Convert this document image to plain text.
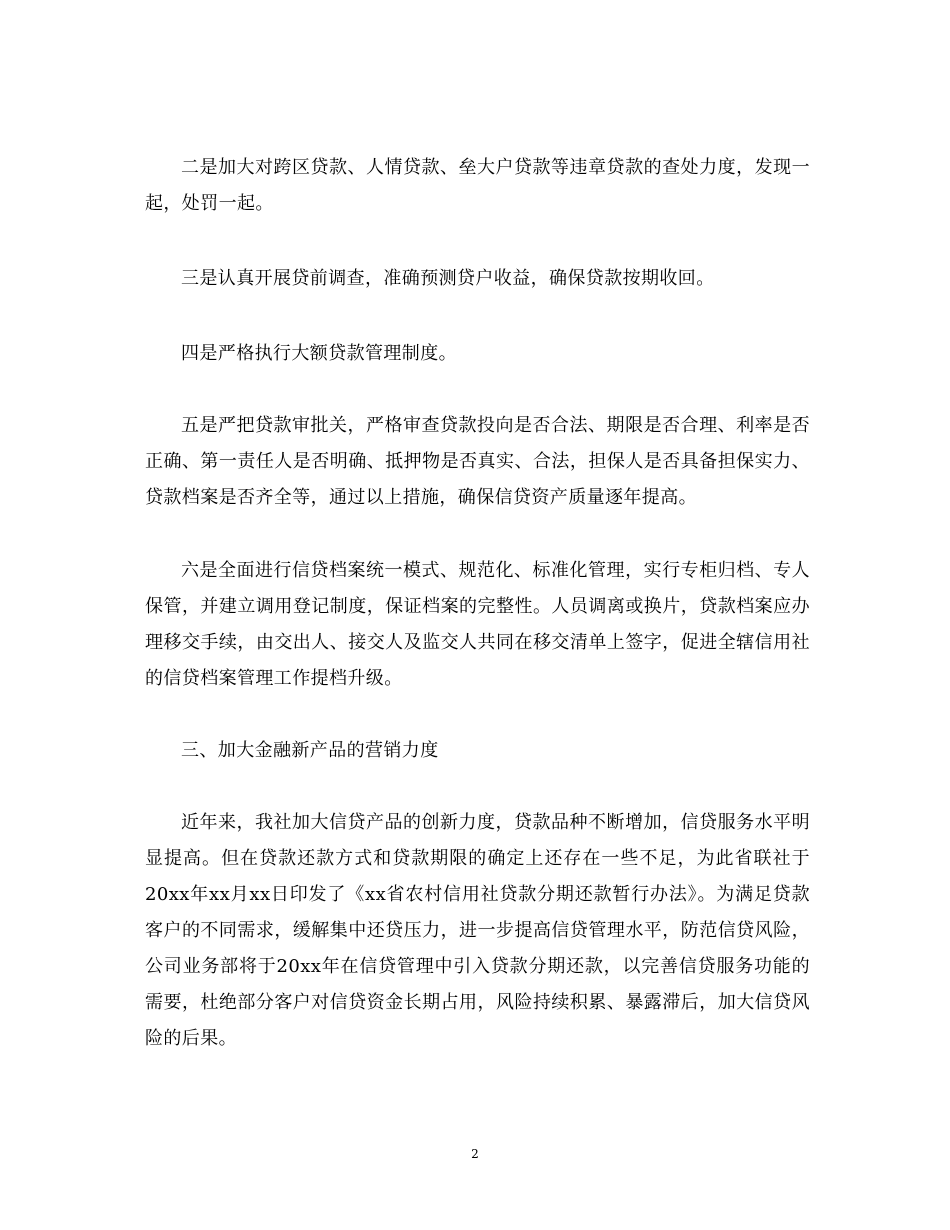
二是加大对跨区贷款、人情贷款、垒大户贷款等违章贷款的查处力度，发现一起，处罚一起。

三是认真开展贷前调查，准确预测贷户收益，确保贷款按期收回。

四是严格执行大额贷款管理制度。

五是严把贷款审批关，严格审查贷款投向是否合法、期限是否合理、利率是否正确、第一责任人是否明确、抵押物是否真实、合法，担保人是否具备担保实力、贷款档案是否齐全等，通过以上措施，确保信贷资产质量逐年提高。

六是全面进行信贷档案统一模式、规范化、标准化管理，实行专柜归档、专人保管，并建立调用登记制度，保证档案的完整性。人员调离或换片，贷款档案应办理移交手续，由交出人、接交人及监交人共同在移交清单上签字，促进全辖信用社的信贷档案管理工作提档升级。

三、加大金融新产品的营销力度

近年来，我社加大信贷产品的创新力度，贷款品种不断增加，信贷服务水平明显提高。但在贷款还款方式和贷款期限的确定上还存在一些不足，为此省联社于20xx年xx月xx日印发了《xx省农村信用社贷款分期还款暂行办法》。为满足贷款客户的不同需求，缓解集中还贷压力，进一步提高信贷管理水平，防范信贷风险，公司业务部将于20xx年在信贷管理中引入贷款分期还款，以完善信贷服务功能的需要，杜绝部分客户对信贷资金长期占用，风险持续积累、暴露滞后，加大信贷风险的后果。

2
